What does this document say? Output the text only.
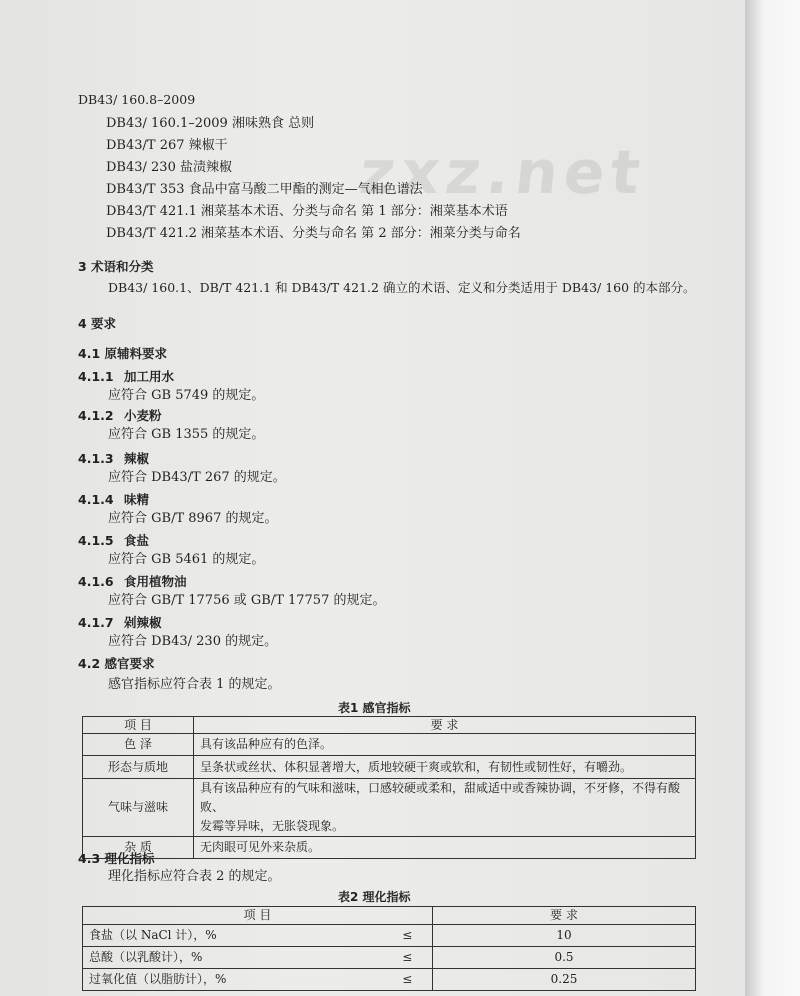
zxz.net
DB43/ 160.8–2009
DB43/ 160.1–2009 湘味熟食 总则
DB43/T 267 辣椒干
DB43/ 230 盐渍辣椒
DB43/T 353 食品中富马酸二甲酯的测定—气相色谱法
DB43/T 421.1 湘菜基本术语、分类与命名 第 1 部分：湘菜基本术语
DB43/T 421.2 湘菜基本术语、分类与命名 第 2 部分：湘菜分类与命名
3 术语和分类
DB43/ 160.1、DB/T 421.1 和 DB43/T 421.2 确立的术语、定义和分类适用于 DB43/ 160 的本部分。
4 要求
4.1 原辅料要求
4.1.1 加工用水
应符合 GB 5749 的规定。
4.1.2 小麦粉
应符合 GB 1355 的规定。
4.1.3 辣椒
应符合 DB43/T 267 的规定。
4.1.4 味精
应符合 GB/T 8967 的规定。
4.1.5 食盐
应符合 GB 5461 的规定。
4.1.6 食用植物油
应符合 GB/T 17756 或 GB/T 17757 的规定。
4.1.7 剁辣椒
应符合 DB43/ 230 的规定。
4.2 感官要求
感官指标应符合表 1 的规定。
表1 感官指标
项 目	要 求
色 泽	具有该品种应有的色泽。
形态与质地	呈条状或丝状、体积显著增大，质地较硬干爽或软和，有韧性或韧性好，有嚼劲。
气味与滋味	具有该品种应有的气味和滋味，口感较硬或柔和，甜咸适中或香辣协调，不牙修，不得有酸败、
发霉等异味，无胀袋现象。

杂 质	无肉眼可见外来杂质。
4.3 理化指标
理化指标应符合表 2 的规定。
表2 理化指标
项 目		要 求
食盐（以 NaCl 计），%	≤	10
总酸（以乳酸计），%	≤	0.5
过氧化值（以脂肪计），%	≤	0.25
